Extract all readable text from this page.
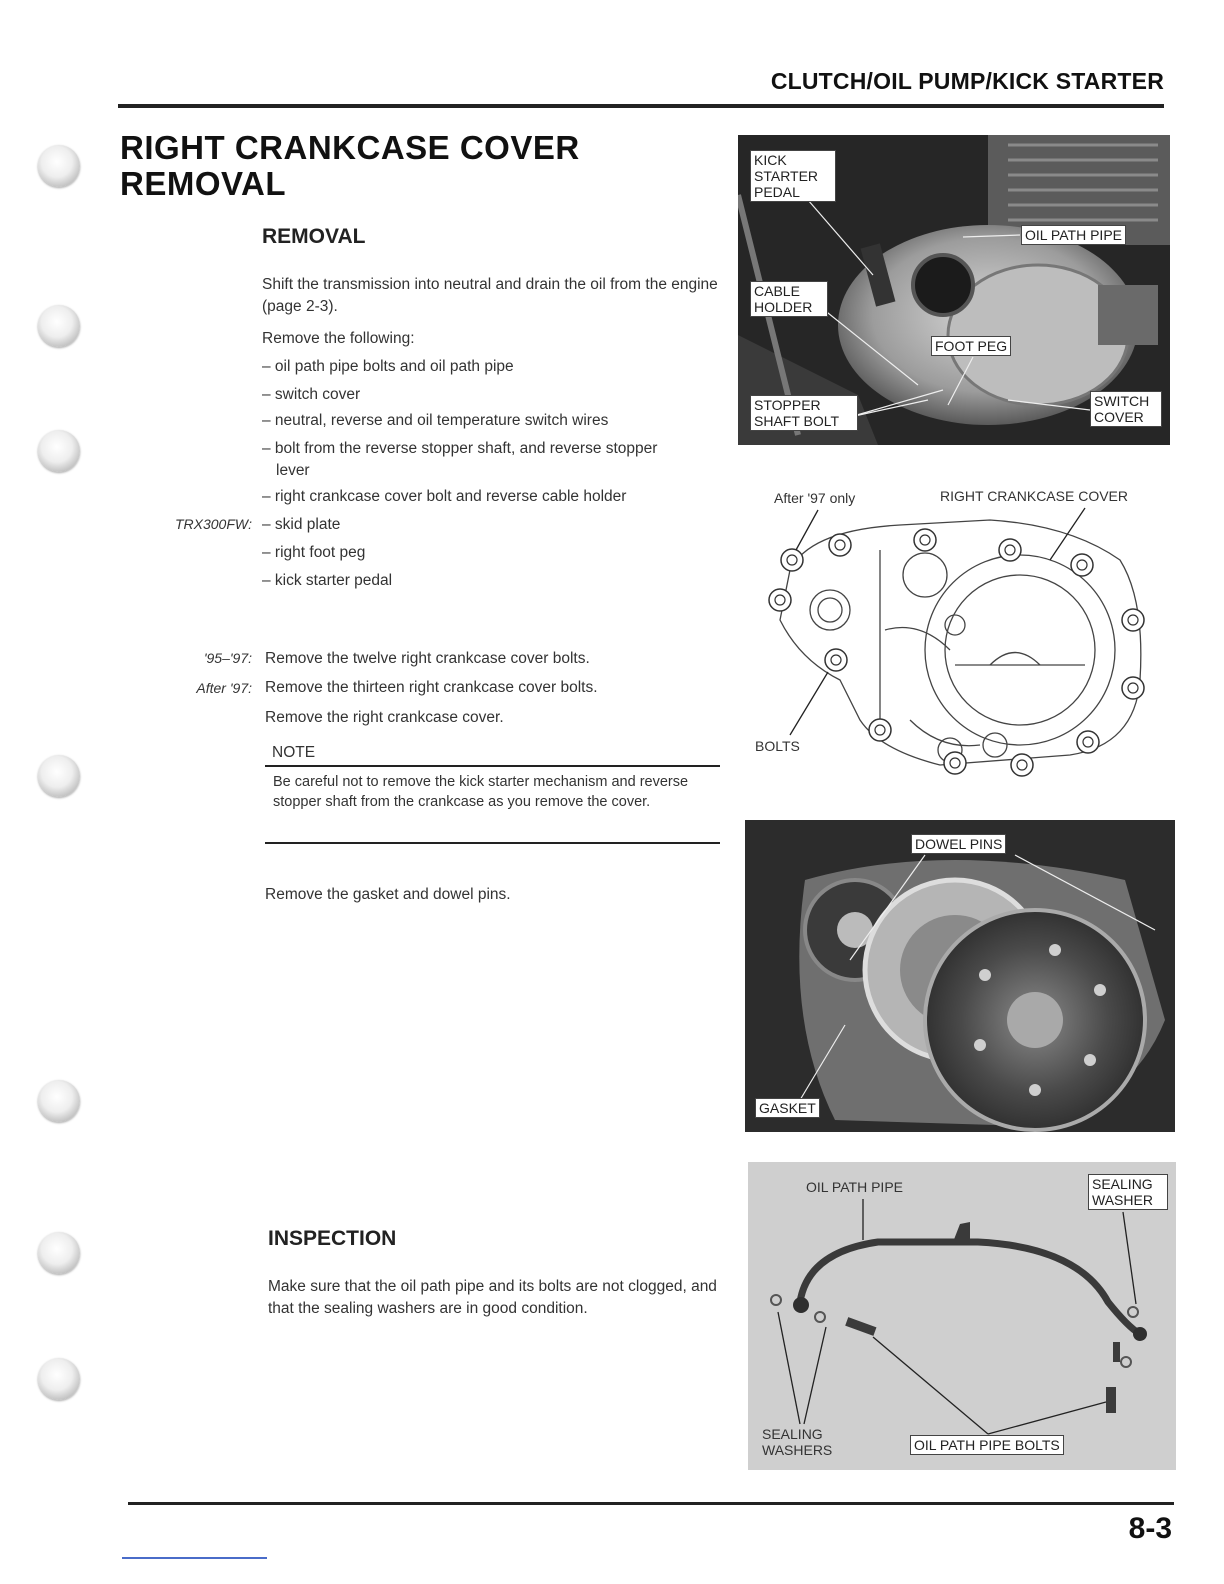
CLUTCH/OIL PUMP/KICK STARTER
RIGHT CRANKCASE COVER
REMOVAL
REMOVAL
Shift the transmission into neutral and drain the oil from the engine (page 2-3).
Remove the following:
– oil path pipe bolts and oil path pipe
– switch cover
– neutral, reverse and oil temperature switch wires
– bolt from the reverse stopper shaft, and reverse stopper
lever
– right crankcase cover bolt and reverse cable holder
TRX300FW: – skid plate
– right foot peg
– kick starter pedal
'95–'97: Remove the twelve right crankcase cover bolts.
After '97: Remove the thirteen right crankcase cover bolts.
Remove the right crankcase cover.
NOTE
Be careful not to remove the kick starter mechanism and reverse stopper shaft from the crankcase as you remove the cover.
Remove the gasket and dowel pins.
INSPECTION
Make sure that the oil path pipe and its bolts are not clogged, and that the sealing washers are in good condition.
KICK STARTER PEDAL
OIL PATH PIPE
CABLE HOLDER
FOOT PEG
STOPPER SHAFT BOLT
SWITCH COVER
After '97 only	RIGHT CRANKCASE COVER
BOLTS
DOWEL PINS
GASKET
OIL PATH PIPE	SEALING WASHER
SEALING WASHERS	OIL PATH PIPE BOLTS
8-3
